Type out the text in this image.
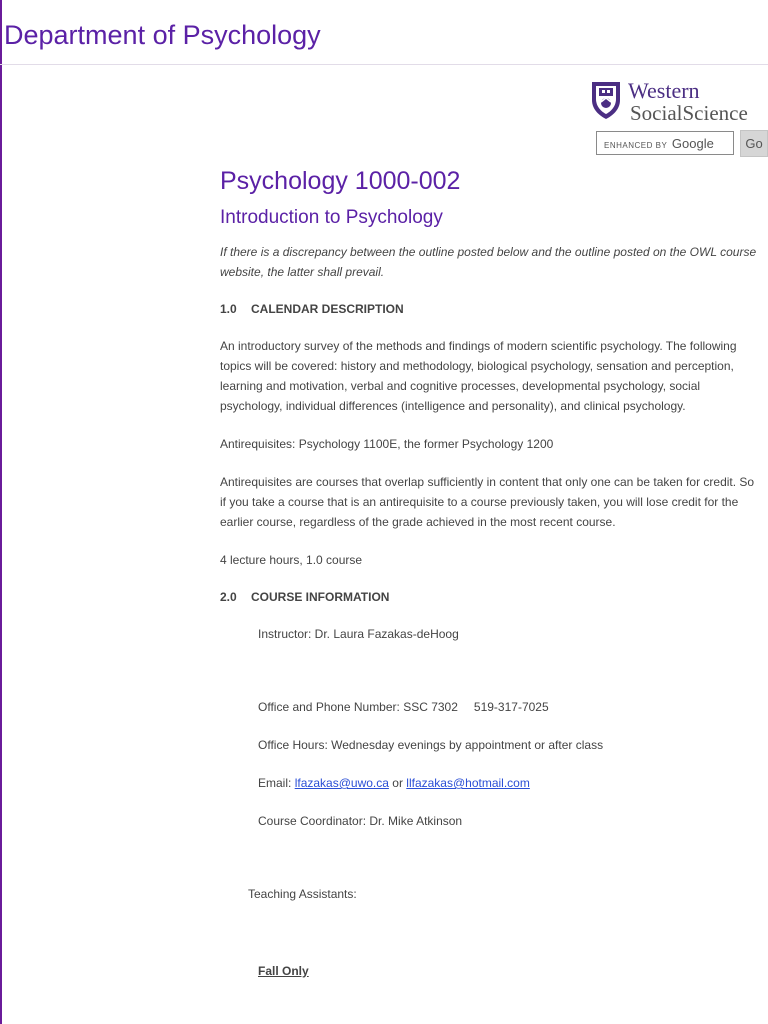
Department of Psychology
Western
SocialScience
ENHANCED BY Google	Go
Psychology 1000-002
Introduction to Psychology

If there is a discrepancy between the outline posted below and the outline posted on the OWL course website, the latter shall prevail.

1.0 CALENDAR DESCRIPTION

An introductory survey of the methods and findings of modern scientific psychology. The following topics will be covered: history and methodology, biological psychology, sensation and perception, learning and motivation, verbal and cognitive processes, developmental psychology, social psychology, individual differences (intelligence and personality), and clinical psychology.

Antirequisites: Psychology 1100E, the former Psychology 1200

Antirequisites are courses that overlap sufficiently in content that only one can be taken for credit. So if you take a course that is an antirequisite to a course previously taken, you will lose credit for the earlier course, regardless of the grade achieved in the most recent course.

4 lecture hours, 1.0 course

2.0 COURSE INFORMATION

Instructor: Dr. Laura Fazakas-deHoog

Office and Phone Number: SSC 7302 519-317-7025

Office Hours: Wednesday evenings by appointment or after class

Email: lfazakas@uwo.ca or llfazakas@hotmail.com

Course Coordinator: Dr. Mike Atkinson

Teaching Assistants:

Fall Only
